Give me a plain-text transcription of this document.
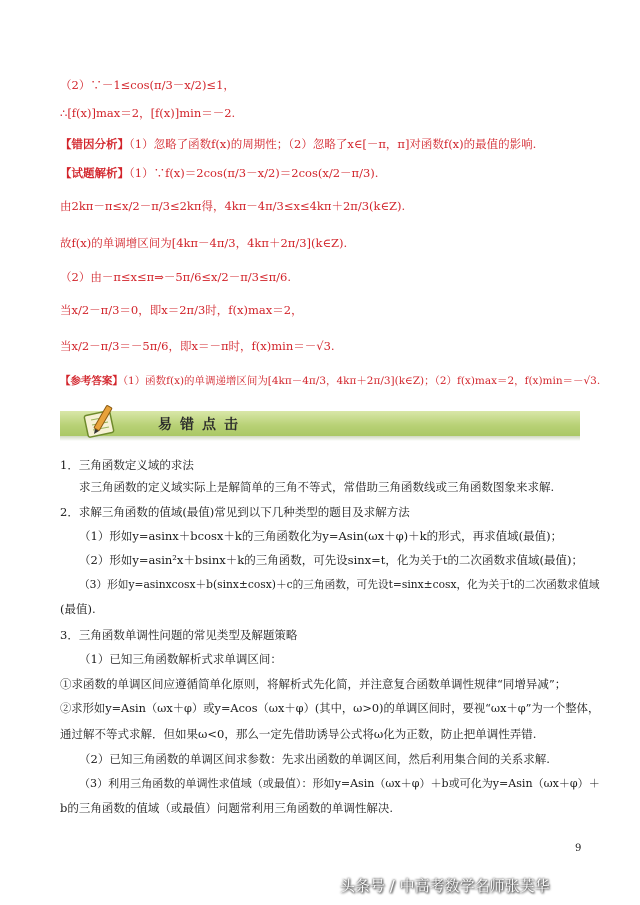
（2）∵－1≤cos(π/3－x/2)≤1，
∴[f(x)]max＝2，[f(x)]min＝－2.
【错因分析】（1）忽略了函数f(x)的周期性；（2）忽略了x∈[－π，π]对函数f(x)的最值的影响.
【试题解析】（1）∵f(x)＝2cos(π/3－x/2)＝2cos(x/2－π/3).
由2kπ－π≤x/2－π/3≤2kπ得，4kπ－4π/3≤x≤4kπ＋2π/3(k∈Z).
故f(x)的单调增区间为[4kπ－4π/3，4kπ＋2π/3](k∈Z).
（2）由－π≤x≤π⇒－5π/6≤x/2－π/3≤π/6.
当x/2－π/3＝0，即x＝2π/3时，f(x)max＝2，
当x/2－π/3＝－5π/6，即x＝－π时，f(x)min＝－√3.
【参考答案】（1）函数f(x)的单调递增区间为[4kπ－4π/3，4kπ＋2π/3](k∈Z)；（2）f(x)max＝2，f(x)min＝－√3.
易错点击
1．三角函数定义域的求法
求三角函数的定义域实际上是解简单的三角不等式，常借助三角函数线或三角函数图象来求解.
2．求解三角函数的值域(最值)常见到以下几种类型的题目及求解方法
（1）形如y=asinx＋bcosx＋k的三角函数化为y=Asin(ωx＋φ)＋k的形式，再求值域(最值)；
（2）形如y=asin²x＋bsinx＋k的三角函数，可先设sinx=t，化为关于t的二次函数求值域(最值)；
（3）形如y=asinxcosx＋b(sinx±cosx)＋c的三角函数，可先设t=sinx±cosx，化为关于t的二次函数求值域
(最值).
3．三角函数单调性问题的常见类型及解题策略
（1）已知三角函数解析式求单调区间：
①求函数的单调区间应遵循简单化原则，将解析式先化简，并注意复合函数单调性规律“同增异减”；
②求形如y=Asin（ωx＋φ）或y=Acos（ωx＋φ）(其中，ω>0)的单调区间时，要视“ωx＋φ”为一个整体，
通过解不等式求解．但如果ω<0，那么一定先借助诱导公式将ω化为正数，防止把单调性弄错.
（2）已知三角函数的单调区间求参数：先求出函数的单调区间，然后利用集合间的关系求解.
（3）利用三角函数的单调性求值域（或最值）：形如y=Asin（ωx＋φ）＋b或可化为y=Asin（ωx＋φ）＋
b的三角函数的值域（或最值）问题常利用三角函数的单调性解决.
9
头条号 / 中高考数学名师张芙华
